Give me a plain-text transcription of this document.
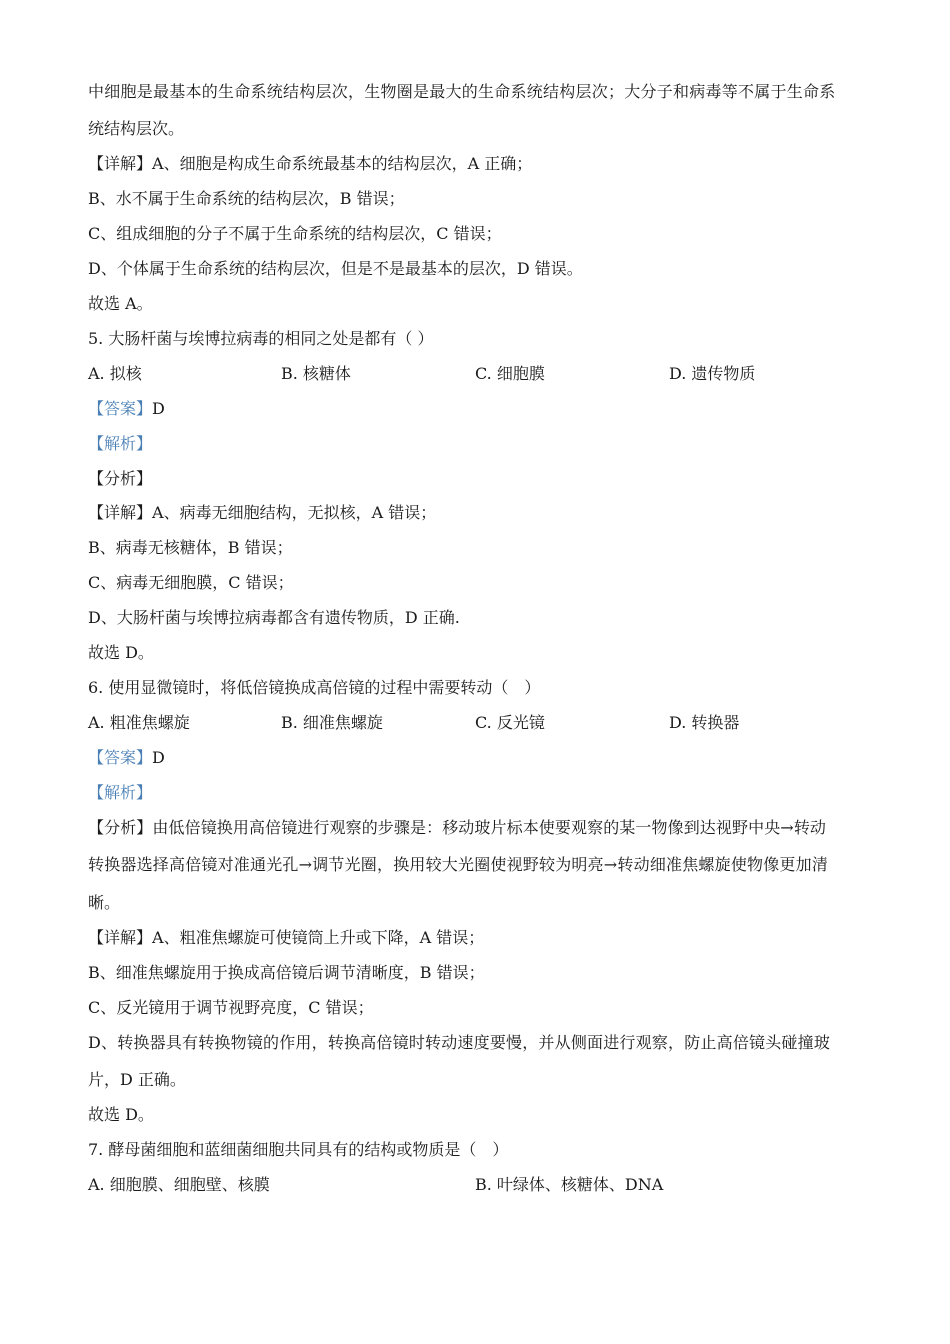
中细胞是最基本的生命系统结构层次，生物圈是最大的生命系统结构层次；大分子和病毒等不属于生命系
统结构层次。
【详解】A、细胞是构成生命系统最基本的结构层次，A 正确；
B、水不属于生命系统的结构层次，B 错误；
C、组成细胞的分子不属于生命系统的结构层次，C 错误；
D、个体属于生命系统的结构层次，但是不是最基本的层次，D 错误。
故选 A。
5. 大肠杆菌与埃博拉病毒的相同之处是都有（ ）
A. 拟核	B. 核糖体	C. 细胞膜	D. 遗传物质
【答案】D
【解析】
【分析】
【详解】A、病毒无细胞结构，无拟核，A 错误；
B、病毒无核糖体，B 错误；
C、病毒无细胞膜，C 错误；
D、大肠杆菌与埃博拉病毒都含有遗传物质，D 正确.
故选 D。
6. 使用显微镜时，将低倍镜换成高倍镜的过程中需要转动（　）
A. 粗准焦螺旋	B. 细准焦螺旋	C. 反光镜	D. 转换器
【答案】D
【解析】
【分析】由低倍镜换用高倍镜进行观察的步骤是：移动玻片标本使要观察的某一物像到达视野中央→转动
转换器选择高倍镜对准通光孔→调节光圈，换用较大光圈使视野较为明亮→转动细准焦螺旋使物像更加清
晰。
【详解】A、粗准焦螺旋可使镜筒上升或下降，A 错误；
B、细准焦螺旋用于换成高倍镜后调节清晰度，B 错误；
C、反光镜用于调节视野亮度，C 错误；
D、转换器具有转换物镜的作用，转换高倍镜时转动速度要慢，并从侧面进行观察，防止高倍镜头碰撞玻
片，D 正确。
故选 D。
7. 酵母菌细胞和蓝细菌细胞共同具有的结构或物质是（　）
A. 细胞膜、细胞壁、核膜	B. 叶绿体、核糖体、DNA
